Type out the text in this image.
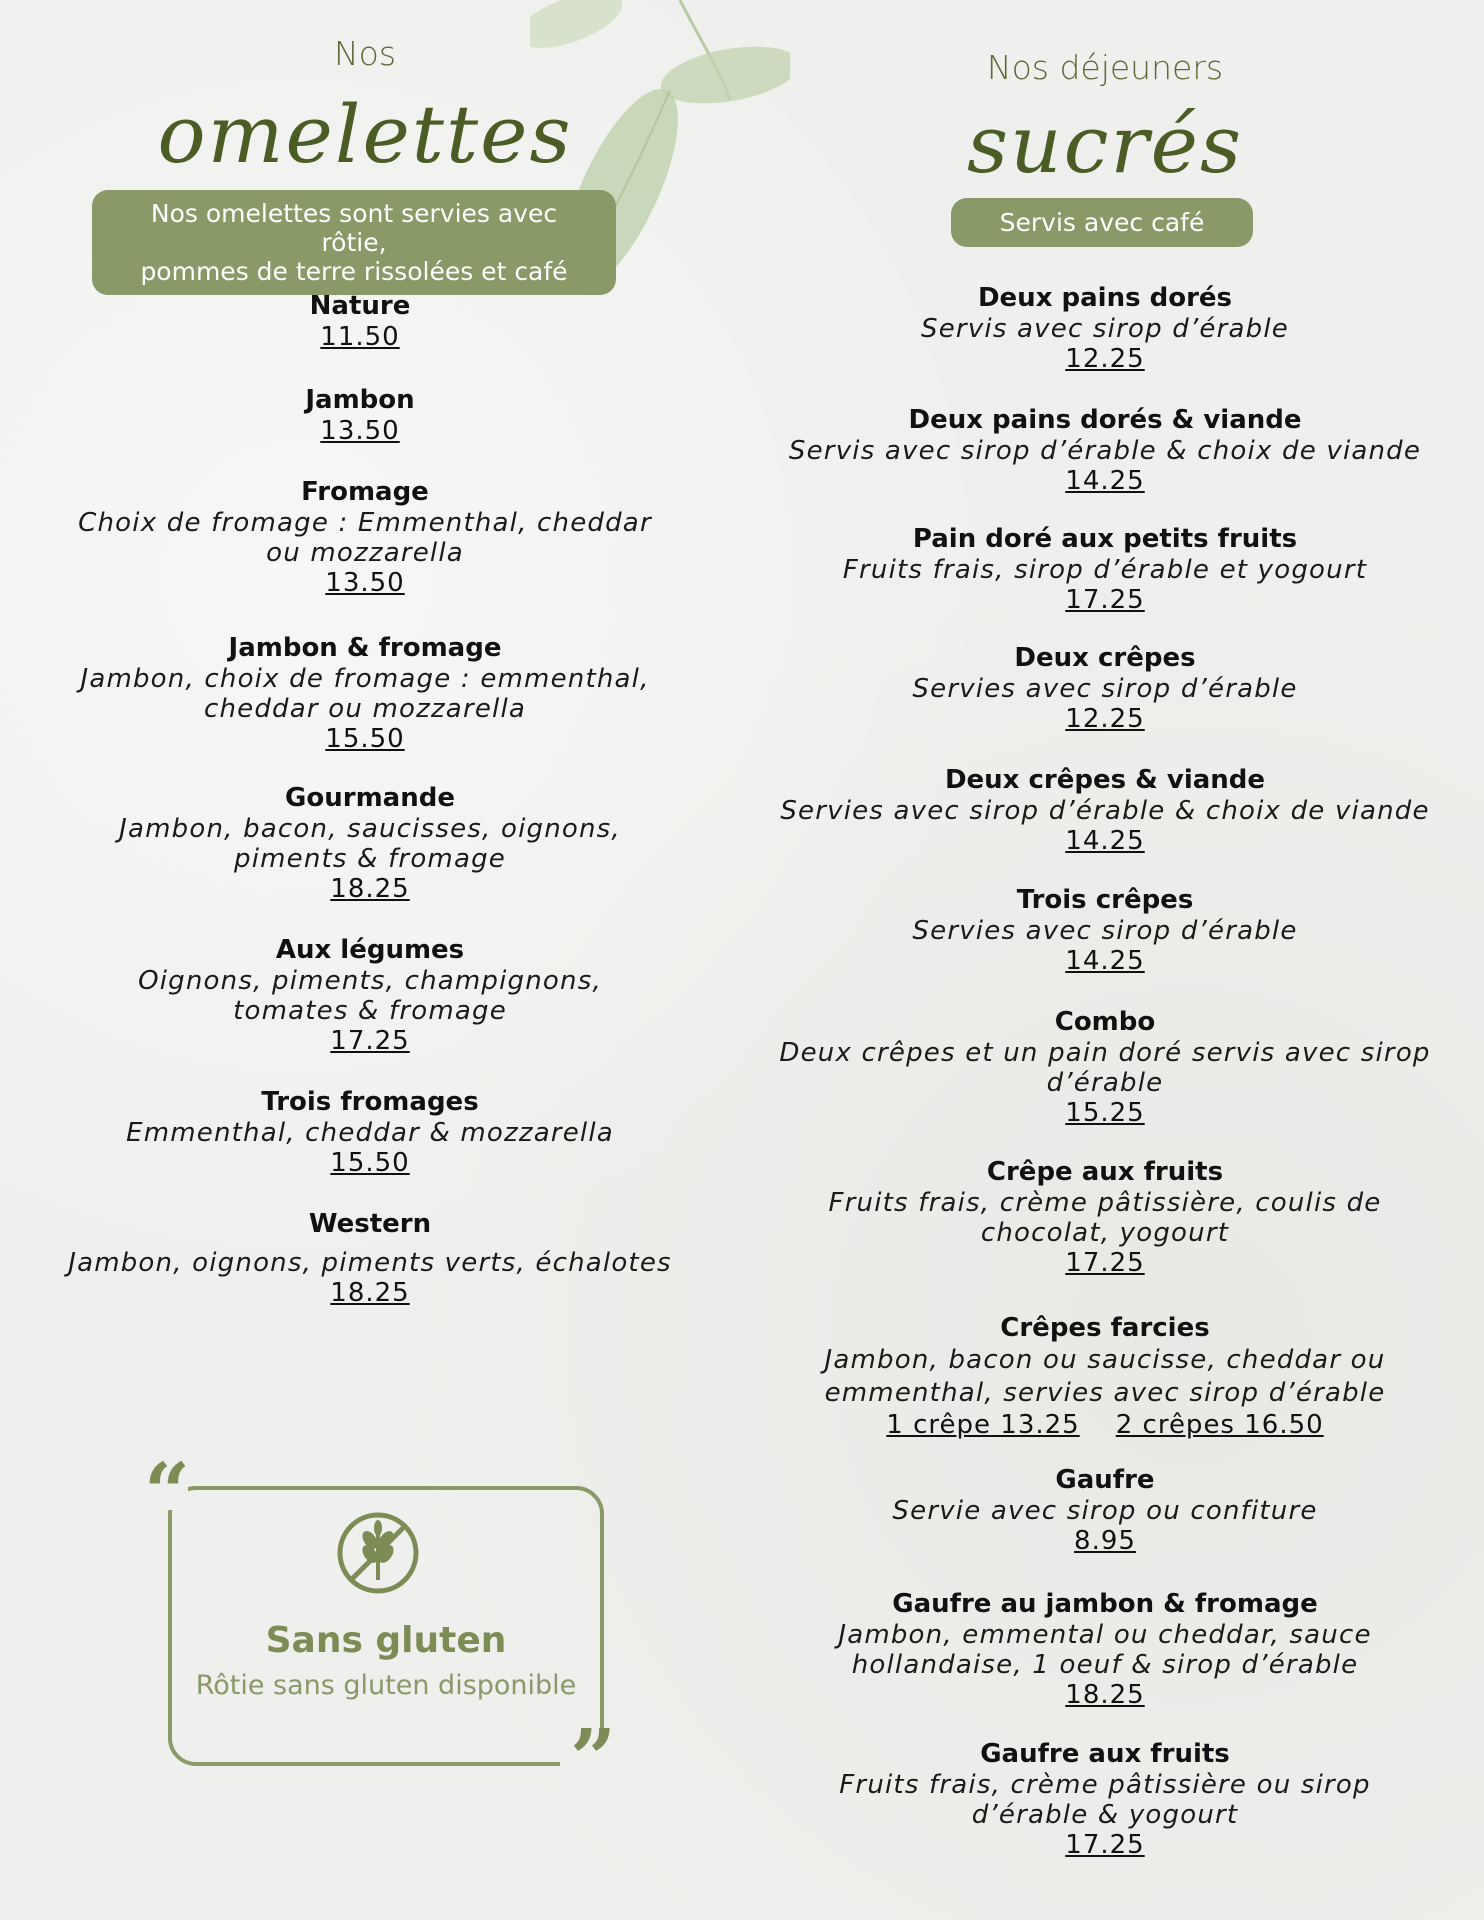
Nos
omelettes
Nos omelettes sont servies avec rôtie,
pommes de terre rissolées et café
Nature
11.50
Jambon
13.50
Fromage
Choix de fromage : Emmenthal, cheddar
ou mozzarella
13.50
Jambon & fromage
Jambon, choix de fromage : emmenthal,
cheddar ou mozzarella
15.50
Gourmande
Jambon, bacon, saucisses, oignons,
piments & fromage
18.25
Aux légumes
Oignons, piments, champignons,
tomates & fromage
17.25
Trois fromages
Emmenthal, cheddar & mozzarella
15.50
Western
Jambon, oignons, piments verts, échalotes
18.25
Nos déjeuners
sucrés
Servis avec café
Deux pains dorés
Servis avec sirop d’érable
12.25
Deux pains dorés & viande
Servis avec sirop d’érable & choix de viande
14.25
Pain doré aux petits fruits
Fruits frais, sirop d’érable et yogourt
17.25
Deux crêpes
Servies avec sirop d’érable
12.25
Deux crêpes & viande
Servies avec sirop d’érable & choix de viande
14.25
Trois crêpes
Servies avec sirop d’érable
14.25
Combo
Deux crêpes et un pain doré servis avec sirop
d’érable
15.25
Crêpe aux fruits
Fruits frais, crème pâtissière, coulis de
chocolat, yogourt
17.25
Crêpes farcies
Jambon, bacon ou saucisse, cheddar ou
emmenthal, servies avec sirop d’érable
1 crêpe 13.25 2 crêpes 16.50
Gaufre
Servie avec sirop ou confiture
8.95
Gaufre au jambon & fromage
Jambon, emmental ou cheddar, sauce
hollandaise, 1 oeuf & sirop d’érable
18.25
Gaufre aux fruits
Fruits frais, crème pâtissière ou sirop
d’érable & yogourt
17.25
“
”
Sans gluten
Rôtie sans gluten disponible
